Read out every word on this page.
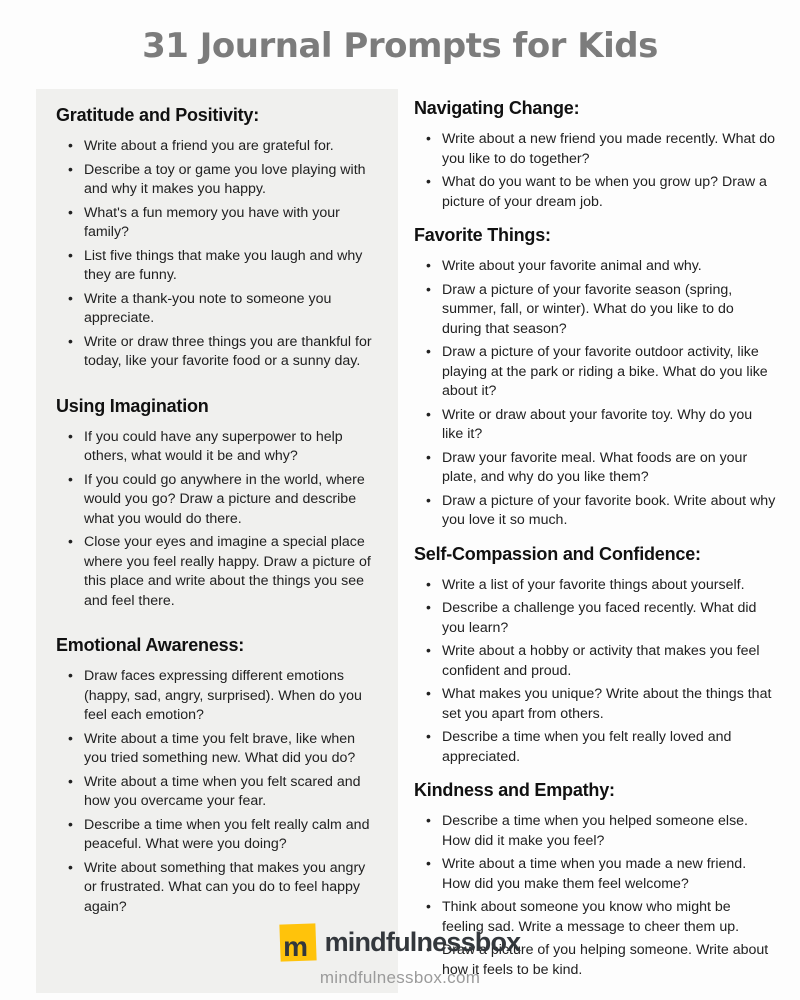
31 Journal Prompts for Kids
Gratitude and Positivity:
• Write about a friend you are grateful for.
• Describe a toy or game you love playing with and why it makes you happy.
• What's a fun memory you have with your family?
• List five things that make you laugh and why they are funny.
• Write a thank-you note to someone you appreciate.
• Write or draw three things you are thankful for today, like your favorite food or a sunny day.
Using Imagination
• If you could have any superpower to help others, what would it be and why?
• If you could go anywhere in the world, where would you go? Draw a picture and describe what you would do there.
• Close your eyes and imagine a special place where you feel really happy. Draw a picture of this place and write about the things you see and feel there.
Emotional Awareness:
• Draw faces expressing different emotions (happy, sad, angry, surprised). When do you feel each emotion?
• Write about a time you felt brave, like when you tried something new. What did you do?
• Write about a time when you felt scared and how you overcame your fear.
• Describe a time when you felt really calm and peaceful. What were you doing?
• Write about something that makes you angry or frustrated. What can you do to feel happy again?
Navigating Change:
• Write about a new friend you made recently. What do you like to do together?
• What do you want to be when you grow up? Draw a picture of your dream job.
Favorite Things:
• Write about your favorite animal and why.
• Draw a picture of your favorite season (spring, summer, fall, or winter). What do you like to do during that season?
• Draw a picture of your favorite outdoor activity, like playing at the park or riding a bike. What do you like about it?
• Write or draw about your favorite toy. Why do you like it?
• Draw your favorite meal. What foods are on your plate, and why do you like them?
• Draw a picture of your favorite book. Write about why you love it so much.
Self-Compassion and Confidence:
• Write a list of your favorite things about yourself.
• Describe a challenge you faced recently. What did you learn?
• Write about a hobby or activity that makes you feel confident and proud.
• What makes you unique? Write about the things that set you apart from others.
• Describe a time when you felt really loved and appreciated.
Kindness and Empathy:
• Describe a time when you helped someone else. How did it make you feel?
• Write about a time when you made a new friend. How did you make them feel welcome?
• Think about someone you know who might be feeling sad. Write a message to cheer them up.
• Draw a picture of you helping someone. Write about how it feels to be kind.
m mindfulnessbox
mindfulnessbox.com
